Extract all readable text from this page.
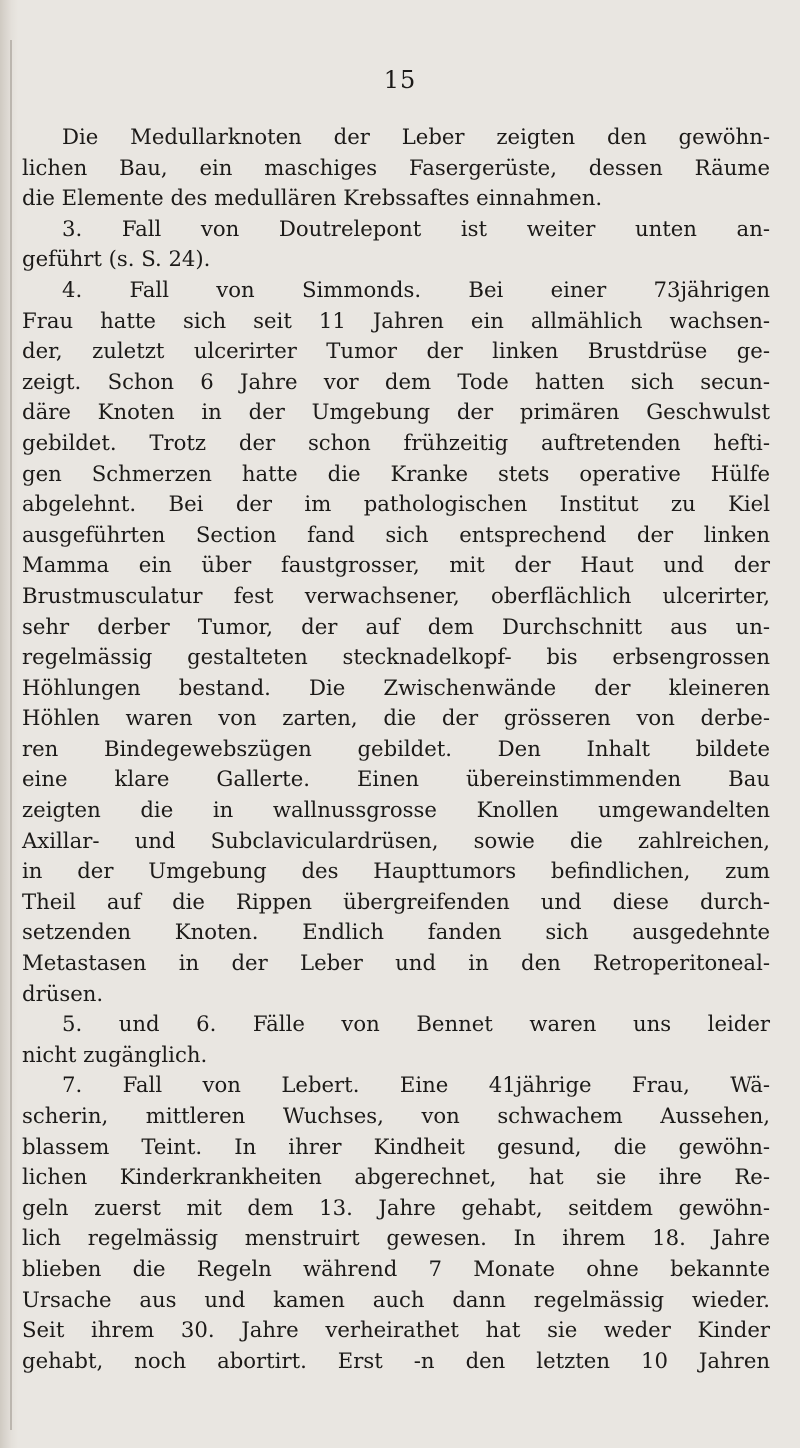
15
Die Medullarknoten der Leber zeigten den gewöhn-
lichen Bau, ein maschiges Fasergerüste, dessen Räume
die Elemente des medullären Krebssaftes einnahmen.
3. Fall von Doutrelepont ist weiter unten an-
geführt (s. S. 24).
4. Fall von Simmonds. Bei einer 73jährigen
Frau hatte sich seit 11 Jahren ein allmählich wachsen-
der, zuletzt ulcerirter Tumor der linken Brustdrüse ge-
zeigt. Schon 6 Jahre vor dem Tode hatten sich secun-
däre Knoten in der Umgebung der primären Geschwulst
gebildet. Trotz der schon frühzeitig auftretenden hefti-
gen Schmerzen hatte die Kranke stets operative Hülfe
abgelehnt. Bei der im pathologischen Institut zu Kiel
ausgeführten Section fand sich entsprechend der linken
Mamma ein über faustgrosser, mit der Haut und der
Brustmusculatur fest verwachsener, oberflächlich ulcerirter,
sehr derber Tumor, der auf dem Durchschnitt aus un-
regelmässig gestalteten stecknadelkopf- bis erbsengrossen
Höhlungen bestand. Die Zwischenwände der kleineren
Höhlen waren von zarten, die der grösseren von derbe-
ren Bindegewebszügen gebildet. Den Inhalt bildete
eine klare Gallerte. Einen übereinstimmenden Bau
zeigten die in wallnussgrosse Knollen umgewandelten
Axillar- und Subclaviculardrüsen, sowie die zahlreichen,
in der Umgebung des Haupttumors befindlichen, zum
Theil auf die Rippen übergreifenden und diese durch-
setzenden Knoten. Endlich fanden sich ausgedehnte
Metastasen in der Leber und in den Retroperitoneal-
drüsen.
5. und 6. Fälle von Bennet waren uns leider
nicht zugänglich.
7. Fall von Lebert. Eine 41jährige Frau, Wä-
scherin, mittleren Wuchses, von schwachem Aussehen,
blassem Teint. In ihrer Kindheit gesund, die gewöhn-
lichen Kinderkrankheiten abgerechnet, hat sie ihre Re-
geln zuerst mit dem 13. Jahre gehabt, seitdem gewöhn-
lich regelmässig menstruirt gewesen. In ihrem 18. Jahre
blieben die Regeln während 7 Monate ohne bekannte
Ursache aus und kamen auch dann regelmässig wieder.
Seit ihrem 30. Jahre verheirathet hat sie weder Kinder
gehabt, noch abortirt. Erst ‑n den letzten 10 Jahren
